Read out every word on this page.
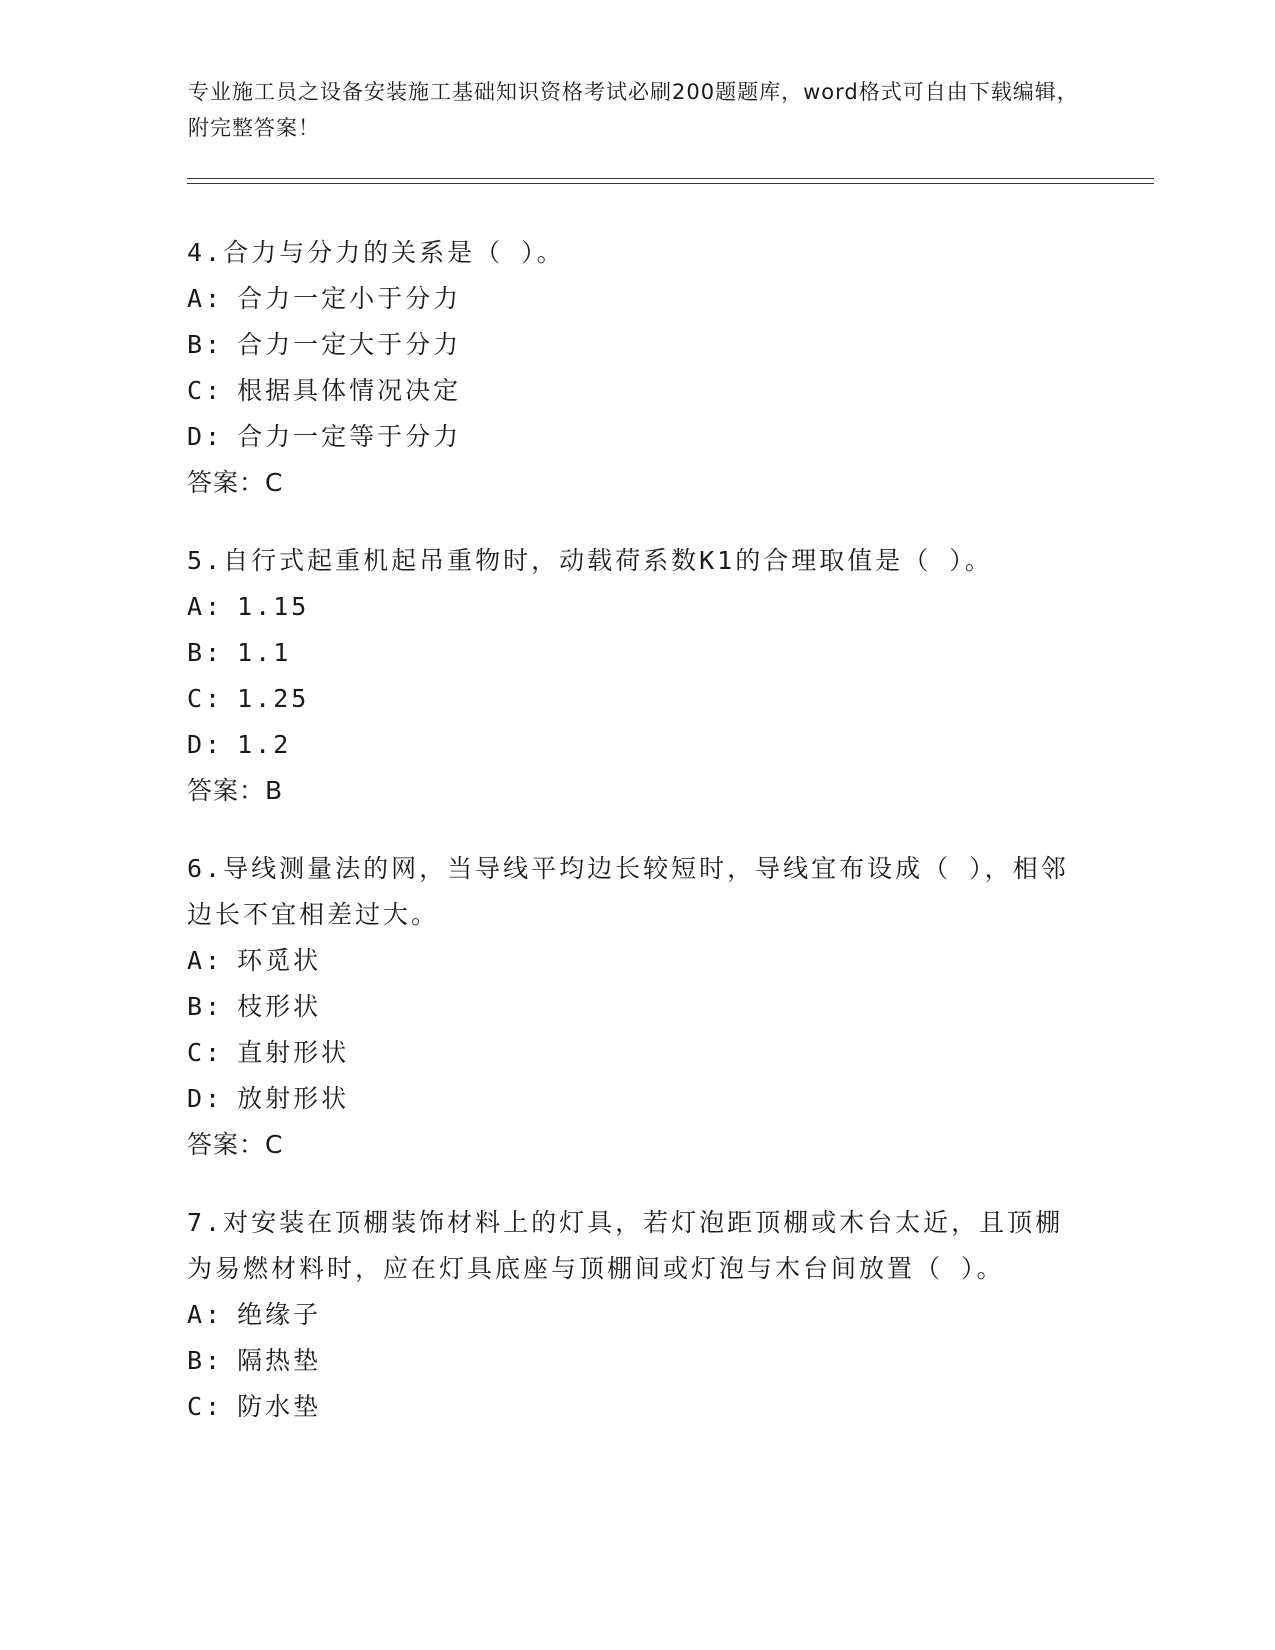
专业施工员之设备安装施工基础知识资格考试必刷200题题库，word格式可自由下载编辑，附完整答案！

4.合力与分力的关系是（ ）。

A: 合力一定小于分力

B: 合力一定大于分力

C: 根据具体情况决定

D: 合力一定等于分力

答案：C

5.自行式起重机起吊重物时，动载荷系数K1的合理取值是（ ）。

A: 1.15

B: 1.1

C: 1.25

D: 1.2

答案：B

6.导线测量法的网，当导线平均边长较短时，导线宜布设成（ ），相邻边长不宜相差过大。

A: 环觅状

B: 枝形状

C: 直射形状

D: 放射形状

答案：C

7.对安装在顶棚装饰材料上的灯具，若灯泡距顶棚或木台太近，且顶棚为易燃材料时，应在灯具底座与顶棚间或灯泡与木台间放置（ ）。

A: 绝缘子

B: 隔热垫

C: 防水垫
